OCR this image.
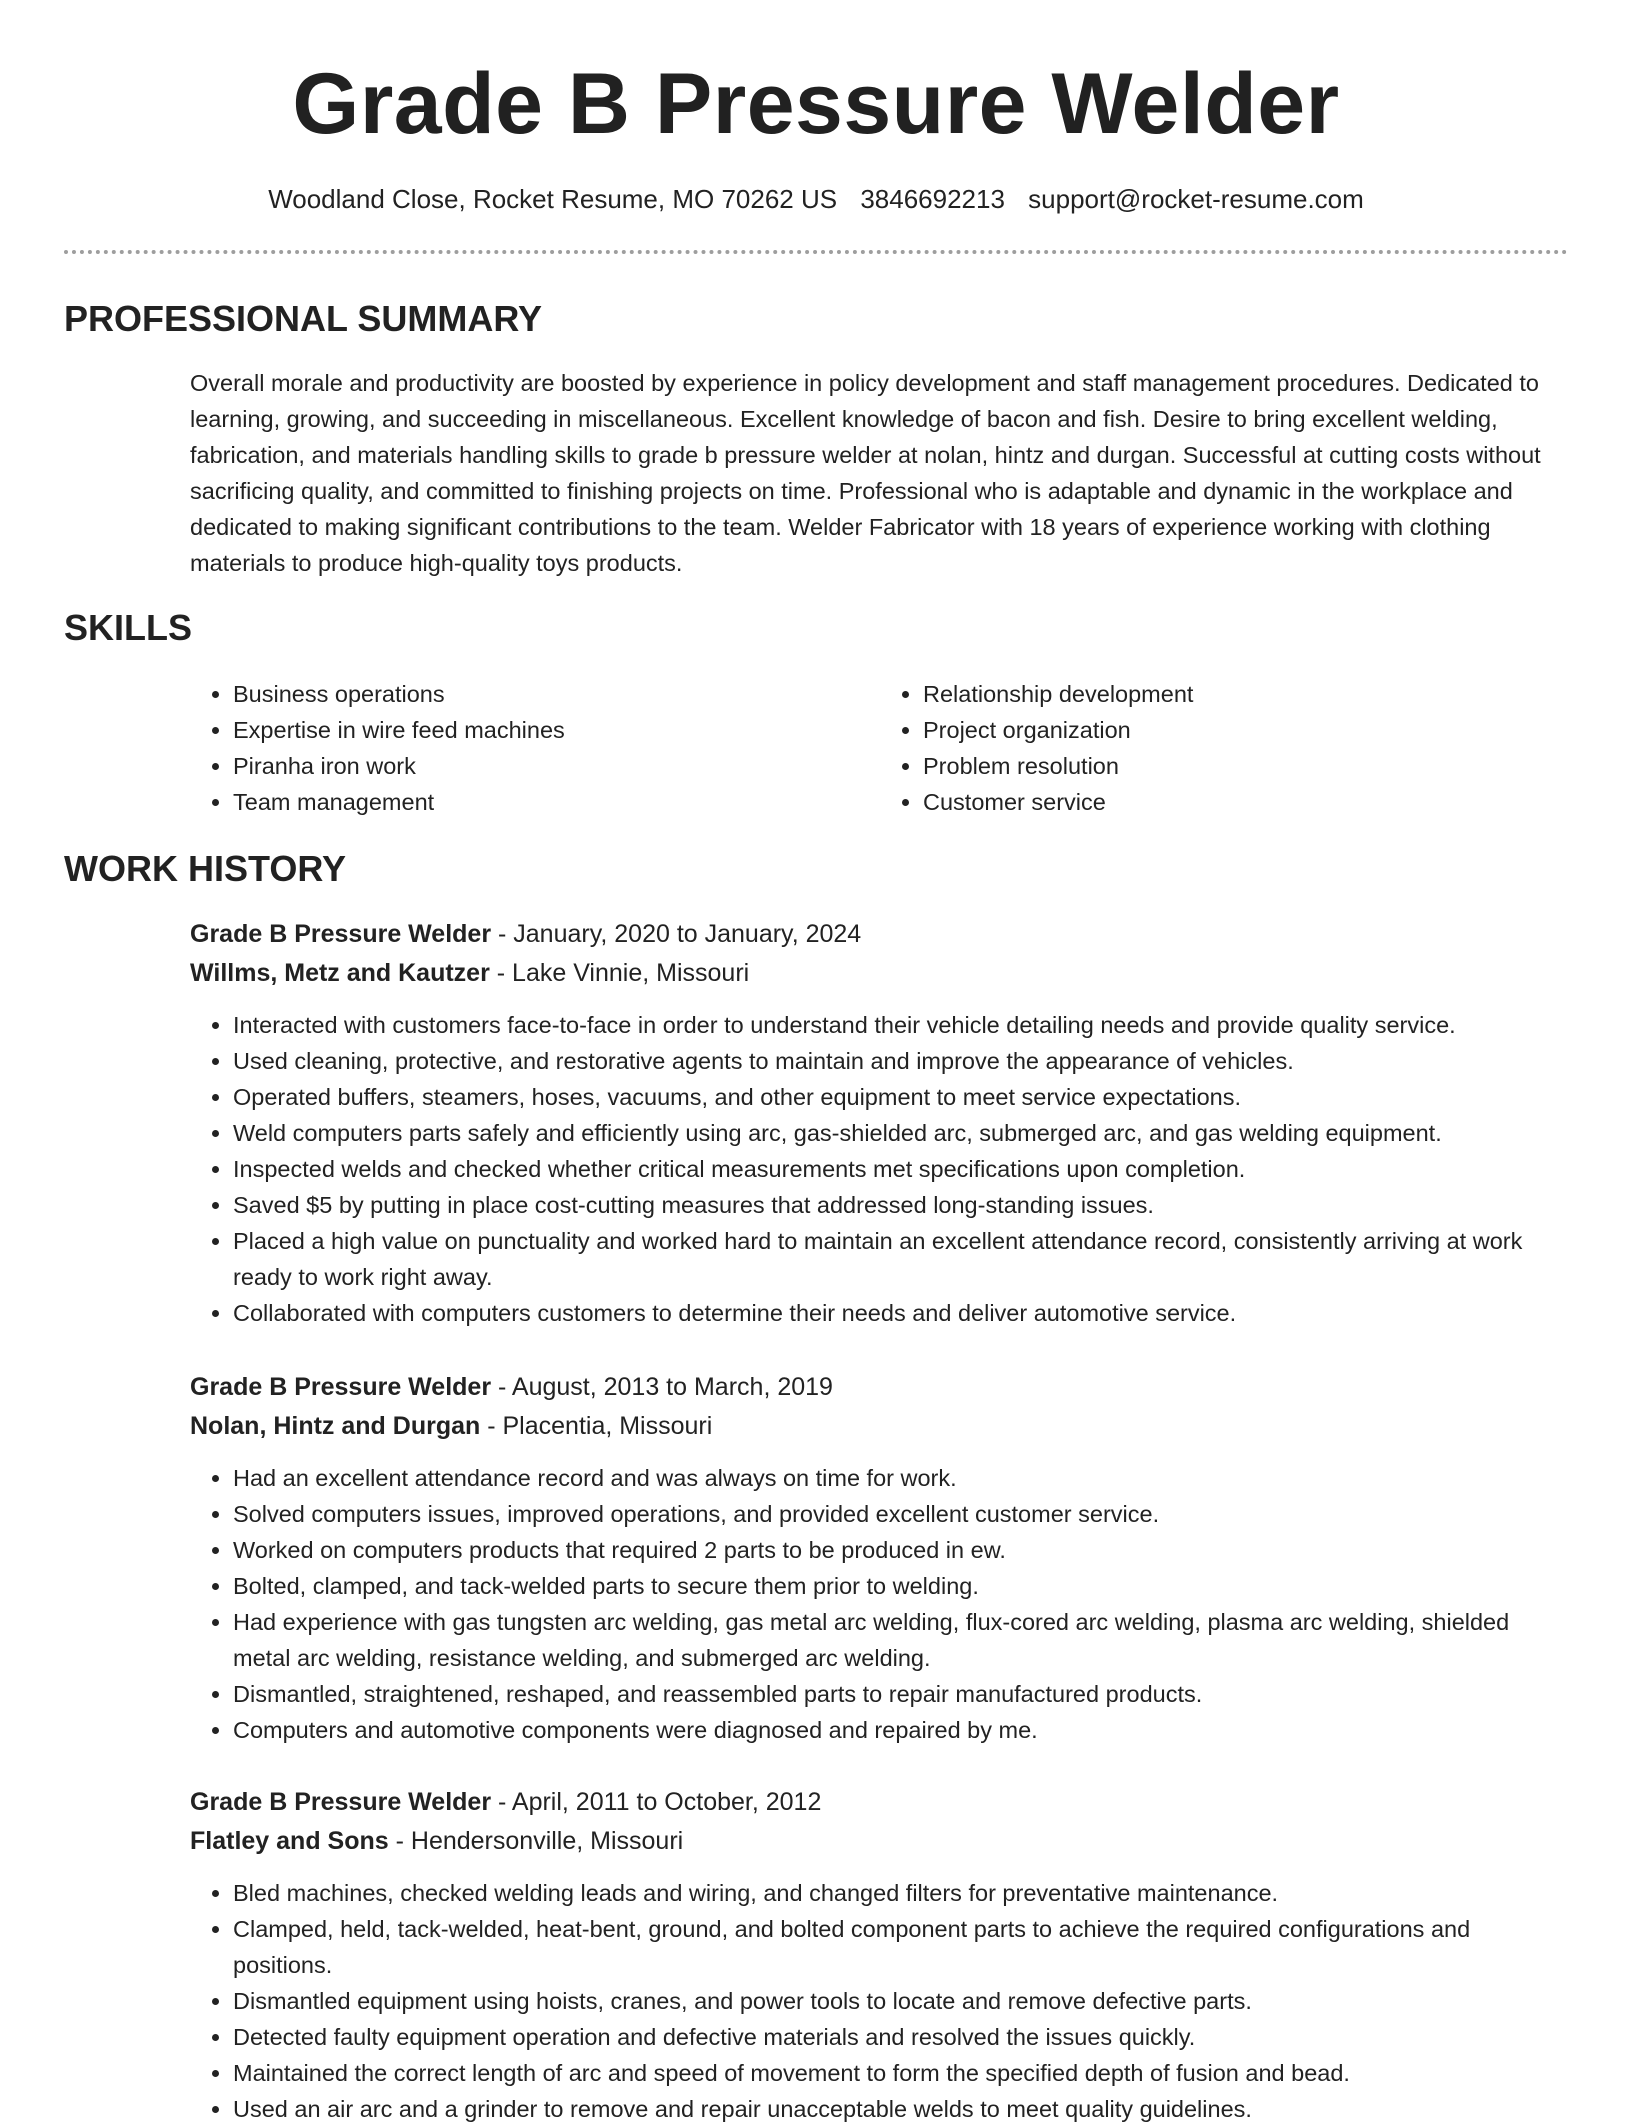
Grade B Pressure Welder
Woodland Close, Rocket Resume, MO 70262 US 3846692213 support@rocket-resume.com
PROFESSIONAL SUMMARY

Overall morale and productivity are boosted by experience in policy development and staff management procedures. Dedicated to learning, growing, and succeeding in miscellaneous. Excellent knowledge of bacon and fish. Desire to bring excellent welding, fabrication, and materials handling skills to grade b pressure welder at nolan, hintz and durgan. Successful at cutting costs without sacrificing quality, and committed to finishing projects on time. Professional who is adaptable and dynamic in the workplace and dedicated to making significant contributions to the team. Welder Fabricator with 18 years of experience working with clothing materials to produce high-quality toys products.

SKILLS
• Business operations
• Expertise in wire feed machines
• Piranha iron work
• Team management
• Relationship development
• Project organization
• Problem resolution
• Customer service
WORK HISTORY

Grade B Pressure Welder - January, 2020 to January, 2024

Willms, Metz and Kautzer - Lake Vinnie, Missouri

• Interacted with customers face-to-face in order to understand their vehicle detailing needs and provide quality service.
• Used cleaning, protective, and restorative agents to maintain and improve the appearance of vehicles.
• Operated buffers, steamers, hoses, vacuums, and other equipment to meet service expectations.
• Weld computers parts safely and efficiently using arc, gas-shielded arc, submerged arc, and gas welding equipment.
• Inspected welds and checked whether critical measurements met specifications upon completion.
• Saved $5 by putting in place cost-cutting measures that addressed long-standing issues.
• Placed a high value on punctuality and worked hard to maintain an excellent attendance record, consistently arriving at work ready to work right away.
• Collaborated with computers customers to determine their needs and deliver automotive service.

Grade B Pressure Welder - August, 2013 to March, 2019

Nolan, Hintz and Durgan - Placentia, Missouri

• Had an excellent attendance record and was always on time for work.
• Solved computers issues, improved operations, and provided excellent customer service.
• Worked on computers products that required 2 parts to be produced in ew.
• Bolted, clamped, and tack-welded parts to secure them prior to welding.
• Had experience with gas tungsten arc welding, gas metal arc welding, flux-cored arc welding, plasma arc welding, shielded metal arc welding, resistance welding, and submerged arc welding.
• Dismantled, straightened, reshaped, and reassembled parts to repair manufactured products.
• Computers and automotive components were diagnosed and repaired by me.

Grade B Pressure Welder - April, 2011 to October, 2012

Flatley and Sons - Hendersonville, Missouri

• Bled machines, checked welding leads and wiring, and changed filters for preventative maintenance.
• Clamped, held, tack-welded, heat-bent, ground, and bolted component parts to achieve the required configurations and positions.
• Dismantled equipment using hoists, cranes, and power tools to locate and remove defective parts.
• Detected faulty equipment operation and defective materials and resolved the issues quickly.
• Maintained the correct length of arc and speed of movement to form the specified depth of fusion and bead.
• Used an air arc and a grinder to remove and repair unacceptable welds to meet quality guidelines.
